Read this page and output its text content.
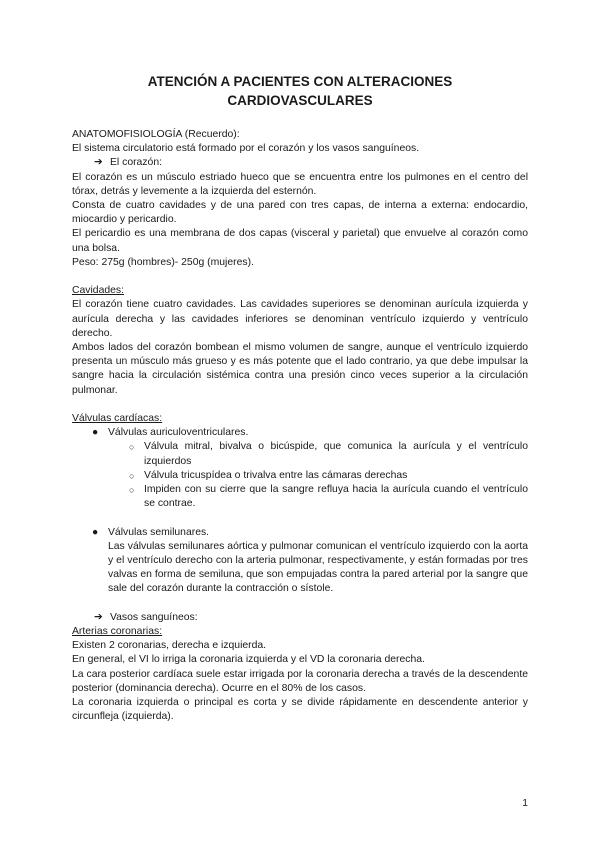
ATENCIÓN A PACIENTES CON ALTERACIONES
CARDIOVASCULARES

ANATOMOFISIOLOGÍA (Recuerdo):

El sistema circulatorio está formado por el corazón y los vasos sanguíneos.

➔ El corazón:

El corazón es un músculo estriado hueco que se encuentra entre los pulmones en el centro del tórax, detrás y levemente a la izquierda del esternón.

Consta de cuatro cavidades y de una pared con tres capas, de interna a externa: endocardio, miocardio y pericardio.

El pericardio es una membrana de dos capas (visceral y parietal) que envuelve al corazón como una bolsa.

Peso: 275g (hombres)- 250g (mujeres).

Cavidades:

El corazón tiene cuatro cavidades. Las cavidades superiores se denominan aurícula izquierda y aurícula derecha y las cavidades inferiores se denominan ventrículo izquierdo y ventrículo derecho.

Ambos lados del corazón bombean el mismo volumen de sangre, aunque el ventrículo izquierdo presenta un músculo más grueso y es más potente que el lado contrario, ya que debe impulsar la sangre hacia la circulación sistémica contra una presión cinco veces superior a la circulación pulmonar.

Válvulas cardíacas:

● Válvulas auriculoventriculares.
○ Válvula mitral, bivalva o bicúspide, que comunica la aurícula y el ventrículo izquierdos
○ Válvula tricuspídea o trivalva entre las cámaras derechas
○ Impiden con su cierre que la sangre refluya hacia la aurícula cuando el ventrículo se contrae.
● Válvulas semilunares.

Las válvulas semilunares aórtica y pulmonar comunican el ventrículo izquierdo con la aorta y el ventrículo derecho con la arteria pulmonar, respectivamente, y están formadas por tres valvas en forma de semiluna, que son empujadas contra la pared arterial por la sangre que sale del corazón durante la contracción o sístole.

➔ Vasos sanguíneos:

Arterias coronarias:

Existen 2 coronarias, derecha e izquierda.

En general, el VI lo irriga la coronaria izquierda y el VD la coronaria derecha.

La cara posterior cardíaca suele estar irrigada por la coronaria derecha a través de la descendente posterior (dominancia derecha). Ocurre en el 80% de los casos.

La coronaria izquierda o principal es corta y se divide rápidamente en descendente anterior y circunfleja (izquierda).

1
